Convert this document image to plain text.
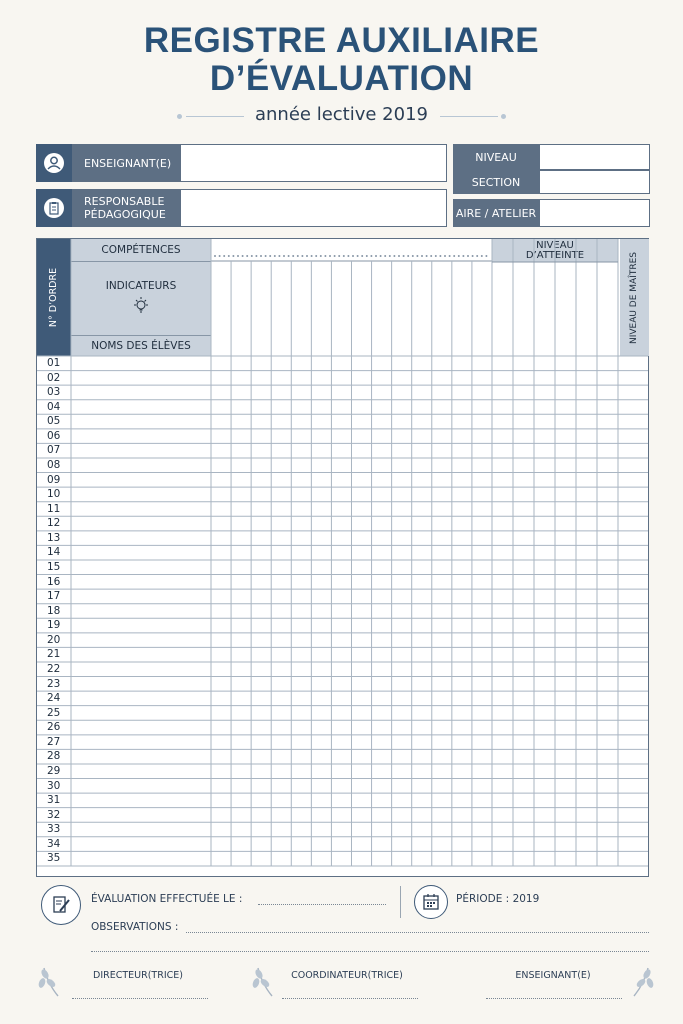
REGISTRE AUXILIAIRE
D’ÉVALUATION
année lective 2019
ENSEIGNANT(E)
RESPONSABLE
PÉDAGOGIQUE
NIVEAU
SECTION
AIRE / ATELIER
N° D’ORDRE
COMPÉTENCES
INDICATEURS
NOMS DES ÉLÈVES
NIVEAU
D’ATTEINTE	NIVEAU DE MAÎTRES
01
02
03
04
05
06
07
08
09
10
11
12
13
14
15
16
17
18
19
20
21
22
23
24
25
26
27
28
29
30
31
32
33
34
35
ÉVALUATION EFFECTUÉE LE :	PÉRIODE : 2019
OBSERVATIONS :
DIRECTEUR(TRICE)	COORDINATEUR(TRICE)	ENSEIGNANT(E)
